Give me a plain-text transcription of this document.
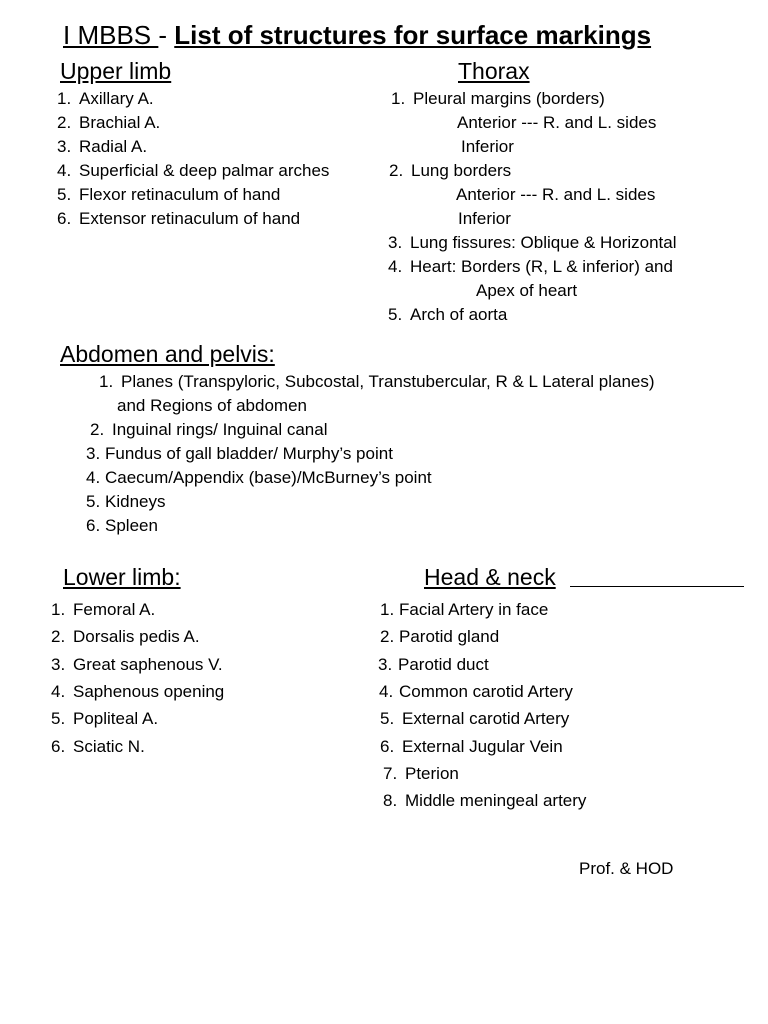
I MBBS - List of structures for surface markings
Upper limb
1. Axillary A.
2. Brachial A.
3. Radial A.
4. Superficial & deep palmar arches
5. Flexor retinaculum of hand
6. Extensor retinaculum of hand
Thorax
1. Pleural margins (borders)
Anterior --- R. and L. sides
Inferior
2. Lung borders
Anterior --- R. and L. sides
Inferior
3. Lung fissures: Oblique & Horizontal
4. Heart: Borders (R, L & inferior) and
Apex of heart
5. Arch of aorta
Abdomen and pelvis:
1. Planes (Transpyloric, Subcostal, Transtubercular, R & L Lateral planes)
and Regions of abdomen
2. Inguinal rings/ Inguinal canal
3. Fundus of gall bladder/ Murphy’s point
4. Caecum/Appendix (base)/McBurney’s point
5. Kidneys
6. Spleen
Lower limb:
1. Femoral A.
2. Dorsalis pedis A.
3. Great saphenous V.
4. Saphenous opening
5. Popliteal A.
6. Sciatic N.
Head & neck
1. Facial Artery in face
2. Parotid gland
3. Parotid duct
4. Common carotid Artery
5. External carotid Artery
6. External Jugular Vein
7. Pterion
8. Middle meningeal artery
Prof. & HOD
